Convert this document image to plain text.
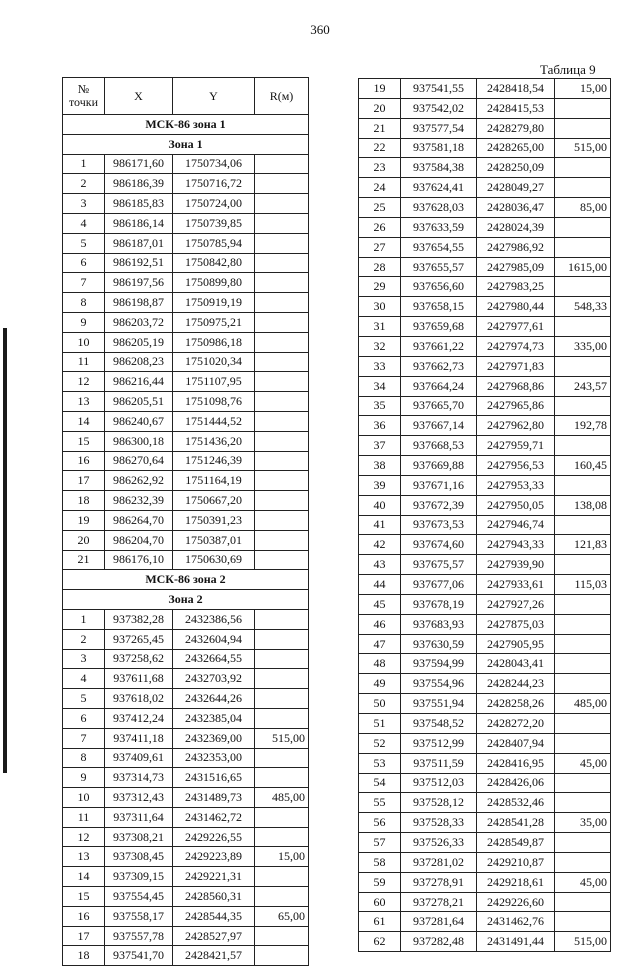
360
Таблица 9
№
точки	X	Y	R(м)
МСК-86 зона 1			
Зона 1			
1	986171,60	1750734,06	
2	986186,39	1750716,72	
3	986185,83	1750724,00	
4	986186,14	1750739,85	
5	986187,01	1750785,94	
6	986192,51	1750842,80	
7	986197,56	1750899,80	
8	986198,87	1750919,19	
9	986203,72	1750975,21	
10	986205,19	1750986,18	
11	986208,23	1751020,34	
12	986216,44	1751107,95	
13	986205,51	1751098,76	
14	986240,67	1751444,52	
15	986300,18	1751436,20	
16	986270,64	1751246,39	
17	986262,92	1751164,19	
18	986232,39	1750667,20	
19	986264,70	1750391,23	
20	986204,70	1750387,01	
21	986176,10	1750630,69	
МСК-86 зона 2			
Зона 2			
1	937382,28	2432386,56	
2	937265,45	2432604,94	
3	937258,62	2432664,55	
4	937611,68	2432703,92	
5	937618,02	2432644,26	
6	937412,24	2432385,04	
7	937411,18	2432369,00	515,00
8	937409,61	2432353,00	
9	937314,73	2431516,65	
10	937312,43	2431489,73	485,00
11	937311,64	2431462,72	
12	937308,21	2429226,55	
13	937308,45	2429223,89	15,00
14	937309,15	2429221,31	
15	937554,45	2428560,31	
16	937558,17	2428544,35	65,00
17	937557,78	2428527,97	
18	937541,70	2428421,57	
19	937541,55	2428418,54	15,00
20	937542,02	2428415,53	
21	937577,54	2428279,80	
22	937581,18	2428265,00	515,00
23	937584,38	2428250,09	
24	937624,41	2428049,27	
25	937628,03	2428036,47	85,00
26	937633,59	2428024,39	
27	937654,55	2427986,92	
28	937655,57	2427985,09	1615,00
29	937656,60	2427983,25	
30	937658,15	2427980,44	548,33
31	937659,68	2427977,61	
32	937661,22	2427974,73	335,00
33	937662,73	2427971,83	
34	937664,24	2427968,86	243,57
35	937665,70	2427965,86	
36	937667,14	2427962,80	192,78
37	937668,53	2427959,71	
38	937669,88	2427956,53	160,45
39	937671,16	2427953,33	
40	937672,39	2427950,05	138,08
41	937673,53	2427946,74	
42	937674,60	2427943,33	121,83
43	937675,57	2427939,90	
44	937677,06	2427933,61	115,03
45	937678,19	2427927,26	
46	937683,93	2427875,03	
47	937630,59	2427905,95	
48	937594,99	2428043,41	
49	937554,96	2428244,23	
50	937551,94	2428258,26	485,00
51	937548,52	2428272,20	
52	937512,99	2428407,94	
53	937511,59	2428416,95	45,00
54	937512,03	2428426,06	
55	937528,12	2428532,46	
56	937528,33	2428541,28	35,00
57	937526,33	2428549,87	
58	937281,02	2429210,87	
59	937278,91	2429218,61	45,00
60	937278,21	2429226,60	
61	937281,64	2431462,76	
62	937282,48	2431491,44	515,00
